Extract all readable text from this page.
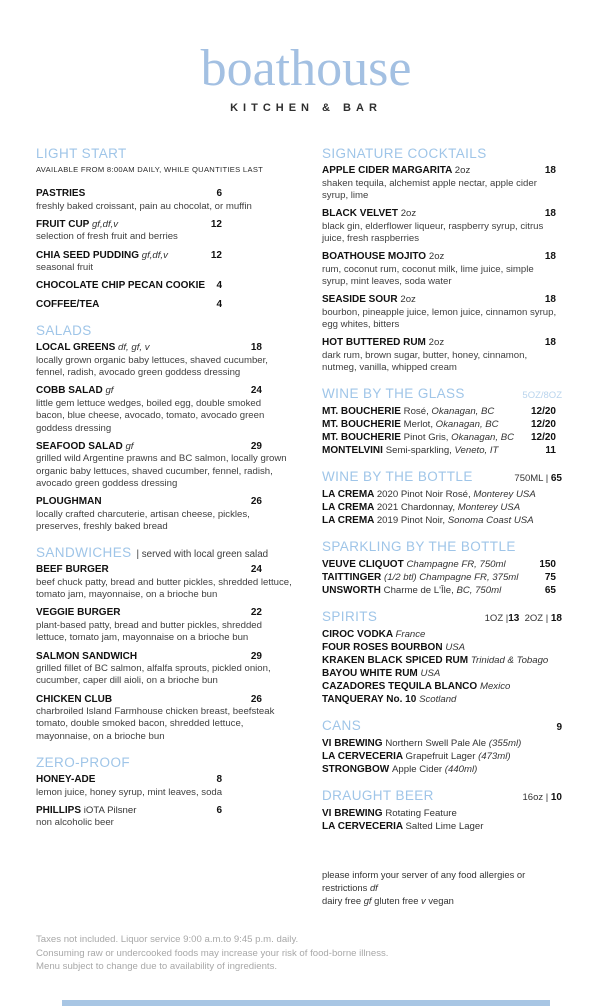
boathouse
KITCHEN & BAR
LIGHT START
AVAILABLE FROM 8:00AM DAILY, WHILE QUANTITIES LAST
PASTRIES	6
freshly baked croissant, pain au chocolat, or muffin
FRUIT CUP gf,df,v	12
selection of fresh fruit and berries
CHIA SEED PUDDING gf,df,v	12
seasonal fruit
CHOCOLATE CHIP PECAN COOKIE	4
COFFEE/TEA	4
SALADS
LOCAL GREENS df, gf, v	18
locally grown organic baby lettuces, shaved cucumber, fennel, radish, avocado green goddess dressing
COBB SALAD gf	24
little gem lettuce wedges, boiled egg, double smoked bacon, blue cheese, avocado, tomato, avocado green goddess dressing
SEAFOOD SALAD gf	29
grilled wild Argentine prawns and BC salmon, locally grown organic baby lettuces, shaved cucumber, fennel, radish, avocado green goddess dressing
PLOUGHMAN	26
locally crafted charcuterie, artisan cheese, pickles, preserves, freshly baked bread
SANDWICHES | served with local green salad
BEEF BURGER	24
beef chuck patty, bread and butter pickles, shredded lettuce, tomato jam, mayonnaise, on a brioche bun
VEGGIE BURGER	22
plant-based patty, bread and butter pickles, shredded lettuce, tomato jam, mayonnaise on a brioche bun
SALMON SANDWICH	29
grilled fillet of BC salmon, alfalfa sprouts, pickled onion, cucumber, caper dill aioli, on a brioche bun
CHICKEN CLUB	26
charbroiled Island Farmhouse chicken breast, beefsteak tomato, double smoked bacon, shredded lettuce, mayonnaise, on a brioche bun
ZERO-PROOF
HONEY-ADE	8
lemon juice, honey syrup, mint leaves, soda
PHILLIPS iOTA Pilsner	6
non alcoholic beer
SIGNATURE COCKTAILS
APPLE CIDER MARGARITA 2oz	18
shaken tequila, alchemist apple nectar, apple cider syrup, lime
BLACK VELVET 2oz	18
black gin, elderflower liqueur, raspberry syrup, citrus juice, fresh raspberries
BOATHOUSE MOJITO 2oz	18
rum, coconut rum, coconut milk, lime juice, simple syrup, mint leaves, soda water
SEASIDE SOUR 2oz	18
bourbon, pineapple juice, lemon juice, cinnamon syrup, egg whites, bitters
HOT BUTTERED RUM 2oz	18
dark rum, brown sugar, butter, honey, cinnamon, nutmeg, vanilla, whipped cream
WINE BY THE GLASS	5OZ/8OZ
MT. BOUCHERIE Rosé, Okanagan, BC	12/20
MT. BOUCHERIE Merlot, Okanagan, BC	12/20
MT. BOUCHERIE Pinot Gris, Okanagan, BC	12/20
MONTELVINI Semi-sparkling, Veneto, IT	11
WINE BY THE BOTTLE	750ML | 65
LA CREMA 2020 Pinot Noir Rosé, Monterey USA
LA CREMA 2021 Chardonnay, Monterey USA
LA CREMA 2019 Pinot Noir, Sonoma Coast USA
SPARKLING BY THE BOTTLE
VEUVE CLIQUOT Champagne FR, 750ml	150
TAITTINGER (1/2 btl) Champagne FR, 375ml	75
UNSWORTH Charme de L'Île, BC, 750ml	65
SPIRITS	1OZ |13  2OZ | 18
CIROC VODKA France
FOUR ROSES BOURBON USA
KRAKEN BLACK SPICED RUM Trinidad & Tobago
BAYOU WHITE RUM USA
CAZADORES TEQUILA BLANCO Mexico
TANQUERAY No. 10 Scotland
CANS	9
VI BREWING Northern Swell Pale Ale (355ml)
LA CERVECERIA Grapefruit Lager (473ml)
STRONGBOW Apple Cider (440ml)
DRAUGHT BEER	16oz | 10
VI BREWING Rotating Feature
LA CERVECERIA Salted Lime Lager
please inform your server of any food allergies or restrictions df
dairy free gf gluten free v vegan
Taxes not included. Liquor service 9:00 a.m.to 9:45 p.m. daily.
Consuming raw or undercooked foods may increase your risk of food-borne illness.
Menu subject to change due to availability of ingredients.
